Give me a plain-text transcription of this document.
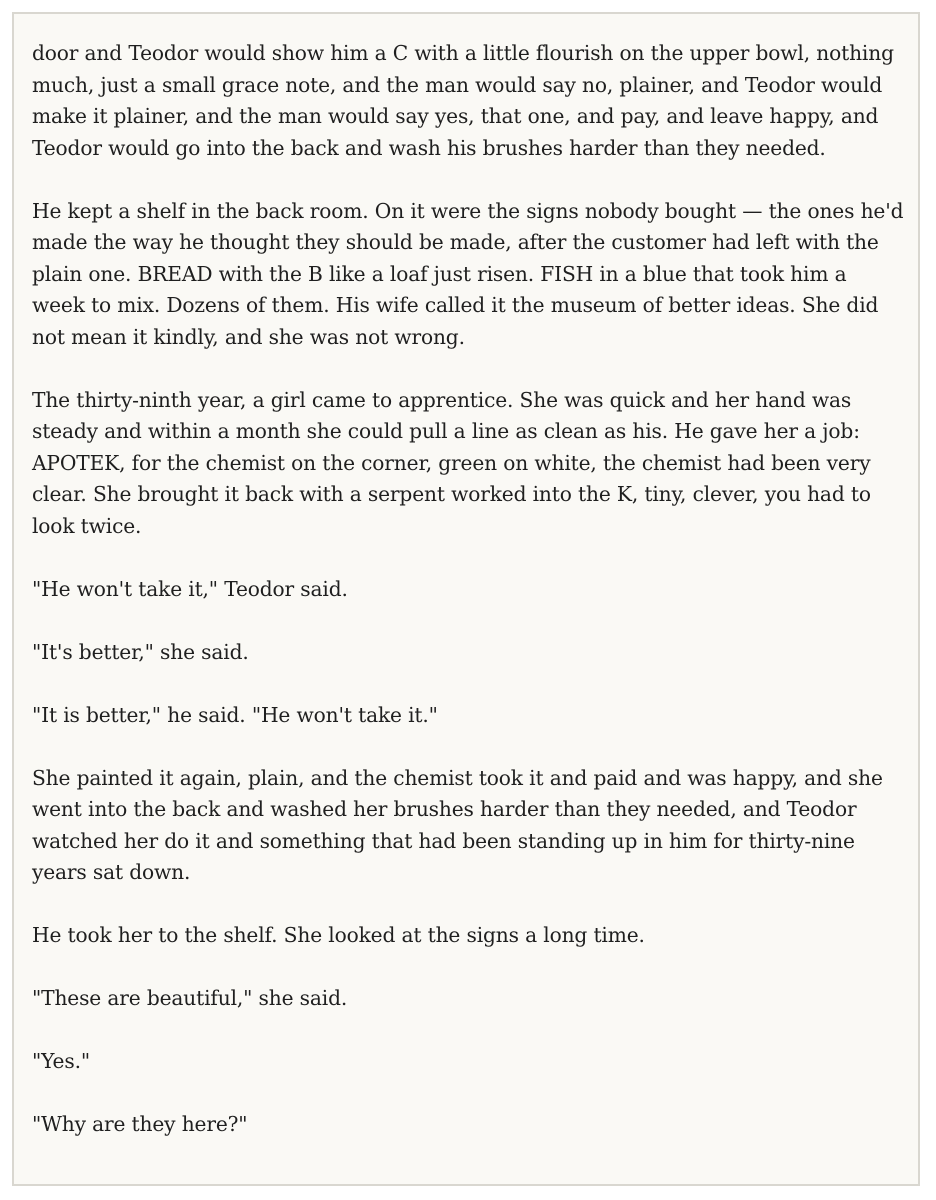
door and Teodor would show him a C with a little flourish on the upper bowl, nothing much, just a small grace note, and the man would say no, plainer, and Teodor would make it plainer, and the man would say yes, that one, and pay, and leave happy, and Teodor would go into the back and wash his brushes harder than they needed.

He kept a shelf in the back room. On it were the signs nobody bought — the ones he'd made the way he thought they should be made, after the customer had left with the plain one. BREAD with the B like a loaf just risen. FISH in a blue that took him a week to mix. Dozens of them. His wife called it the museum of better ideas. She did not mean it kindly, and she was not wrong.

The thirty-ninth year, a girl came to apprentice. She was quick and her hand was steady and within a month she could pull a line as clean as his. He gave her a job: APOTEK, for the chemist on the corner, green on white, the chemist had been very clear. She brought it back with a serpent worked into the K, tiny, clever, you had to look twice.

"He won't take it," Teodor said.

"It's better," she said.

"It is better," he said. "He won't take it."

She painted it again, plain, and the chemist took it and paid and was happy, and she went into the back and washed her brushes harder than they needed, and Teodor watched her do it and something that had been standing up in him for thirty-nine years sat down.

He took her to the shelf. She looked at the signs a long time.

"These are beautiful," she said.

"Yes."

"Why are they here?"
